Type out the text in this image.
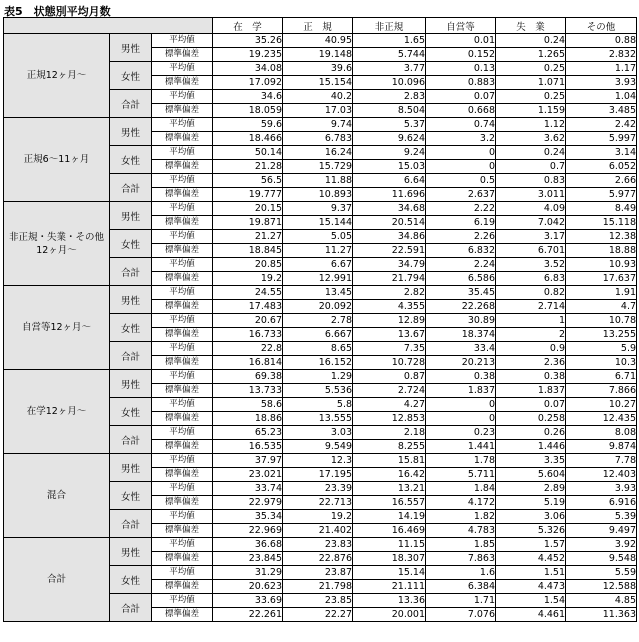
表5　状態別平均月数
			在　学	正　規	非正規	自営等	失　業	その他
正規12ヶ月～	男性	平均値	35.26	40.95	1.65	0.01	0.24	0.88
		標準偏差	19.235	19.148	5.744	0.152	1.265	2.832
	女性	平均値	34.08	39.6	3.77	0.13	0.25	1.17
		標準偏差	17.092	15.154	10.096	0.883	1.071	3.93
	合計	平均値	34.6	40.2	2.83	0.07	0.25	1.04
		標準偏差	18.059	17.03	8.504	0.668	1.159	3.485
正規6～11ヶ月	男性	平均値	59.6	9.74	5.37	0.74	1.12	2.42
		標準偏差	18.466	6.783	9.624	3.2	3.62	5.997
	女性	平均値	50.14	16.24	9.24	0	0.24	3.14
		標準偏差	21.28	15.729	15.03	0	0.7	6.052
	合計	平均値	56.5	11.88	6.64	0.5	0.83	2.66
		標準偏差	19.777	10.893	11.696	2.637	3.011	5.977
非正規・失業・その他
12ヶ月～	男性	平均値	20.15	9.37	34.68	2.22	4.09	8.49
		標準偏差	19.871	15.144	20.514	6.19	7.042	15.118
	女性	平均値	21.27	5.05	34.86	2.26	3.17	12.38
		標準偏差	18.845	11.27	22.591	6.832	6.701	18.88
	合計	平均値	20.85	6.67	34.79	2.24	3.52	10.93
		標準偏差	19.2	12.991	21.794	6.586	6.83	17.637
自営等12ヶ月～	男性	平均値	24.55	13.45	2.82	35.45	0.82	1.91
		標準偏差	17.483	20.092	4.355	22.268	2.714	4.7
	女性	平均値	20.67	2.78	12.89	30.89	1	10.78
		標準偏差	16.733	6.667	13.67	18.374	2	13.255
	合計	平均値	22.8	8.65	7.35	33.4	0.9	5.9
		標準偏差	16.814	16.152	10.728	20.213	2.36	10.3
在学12ヶ月～	男性	平均値	69.38	1.29	0.87	0.38	0.38	6.71
		標準偏差	13.733	5.536	2.724	1.837	1.837	7.866
	女性	平均値	58.6	5.8	4.27	0	0.07	10.27
		標準偏差	18.86	13.555	12.853	0	0.258	12.435
	合計	平均値	65.23	3.03	2.18	0.23	0.26	8.08
		標準偏差	16.535	9.549	8.255	1.441	1.446	9.874
混合	男性	平均値	37.97	12.3	15.81	1.78	3.35	7.78
		標準偏差	23.021	17.195	16.42	5.711	5.604	12.403
	女性	平均値	33.74	23.39	13.21	1.84	2.89	3.93
		標準偏差	22.979	22.713	16.557	4.172	5.19	6.916
	合計	平均値	35.34	19.2	14.19	1.82	3.06	5.39
		標準偏差	22.969	21.402	16.469	4.783	5.326	9.497
合計	男性	平均値	36.68	23.83	11.15	1.85	1.57	3.92
		標準偏差	23.845	22.876	18.307	7.863	4.452	9.548
	女性	平均値	31.29	23.87	15.14	1.6	1.51	5.59
		標準偏差	20.623	21.798	21.111	6.384	4.473	12.588
	合計	平均値	33.69	23.85	13.36	1.71	1.54	4.85
		標準偏差	22.261	22.27	20.001	7.076	4.461	11.363
